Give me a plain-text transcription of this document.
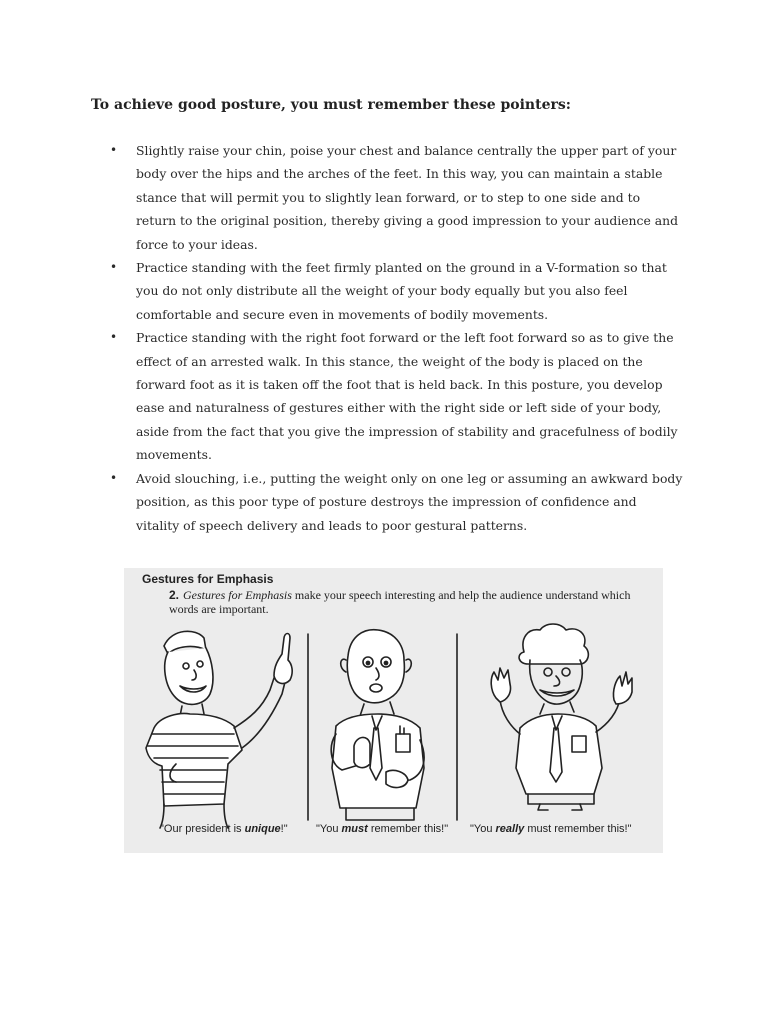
To achieve good posture, you must remember these pointers:
• Slightly raise your chin, poise your chest and balance centrally the upper part of your body over the hips and the arches of the feet. In this way, you can maintain a stable stance that will permit you to slightly lean forward, or to step to one side and to return to the original position, thereby giving a good impression to your audience and force to your ideas.
• Practice standing with the feet firmly planted on the ground in a V-formation so that you do not only distribute all the weight of your body equally but you also feel comfortable and secure even in movements of bodily movements.
• Practice standing with the right foot forward or the left foot forward so as to give the effect of an arrested walk. In this stance, the weight of the body is placed on the forward foot as it is taken off the foot that is held back. In this posture, you develop ease and naturalness of gestures either with the right side or left side of your body, aside from the fact that you give the impression of stability and gracefulness of bodily movements.
• Avoid slouching, i.e., putting the weight only on one leg or assuming an awkward body position, as this poor type of posture destroys the impression of confidence and vitality of speech delivery and leads to poor gestural patterns.
Gestures for Emphasis
2. Gestures for Emphasis make your speech interesting and help the audience understand which words are important.
"Our president is unique!"	"You must remember this!" "You really must remember this!"
